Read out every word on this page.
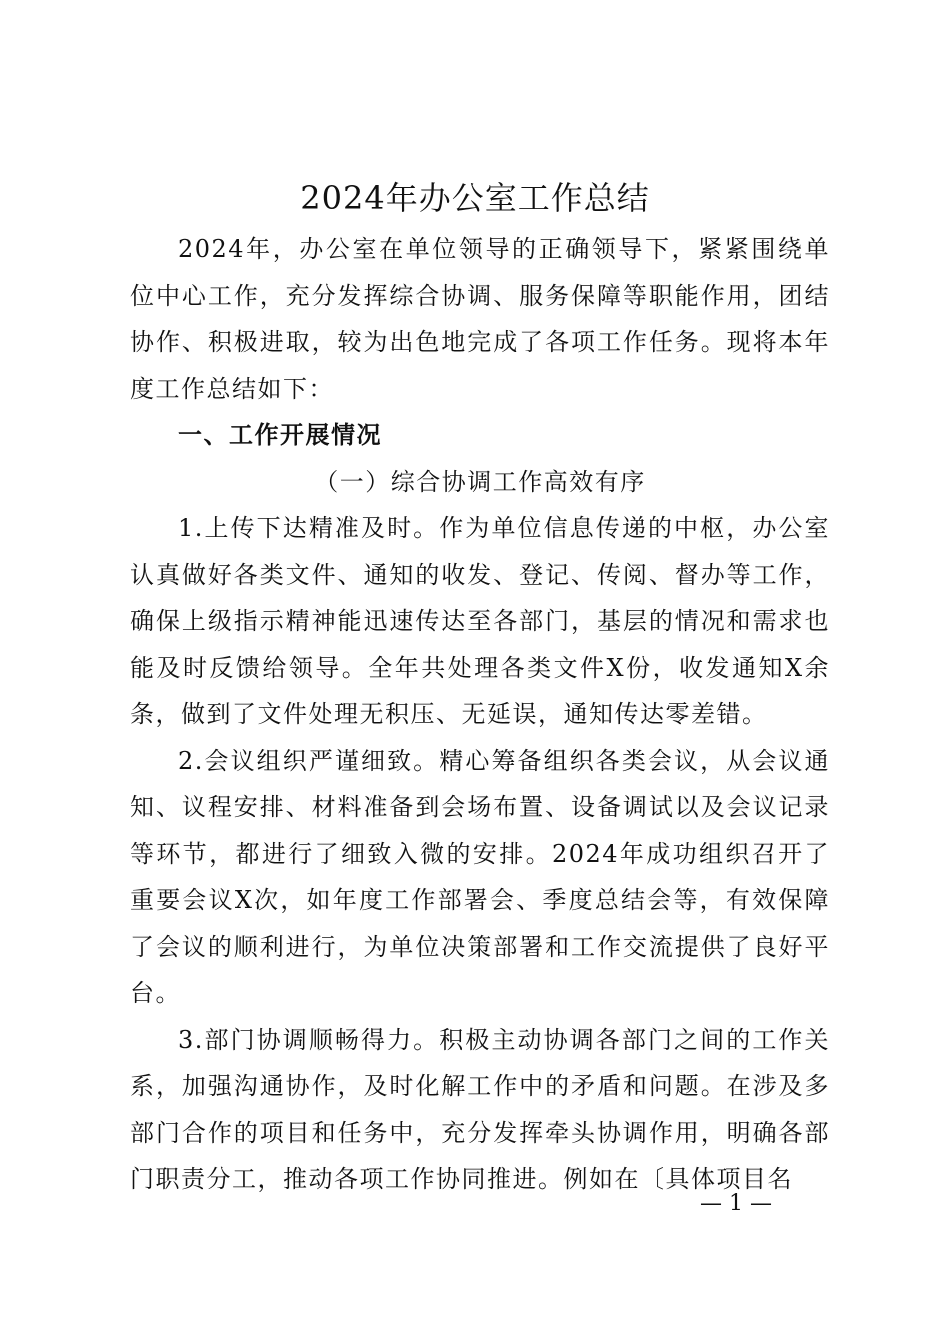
2024年办公室工作总结

2024年，办公室在单位领导的正确领导下，紧紧围绕单位中心工作，充分发挥综合协调、服务保障等职能作用，团结协作、积极进取，较为出色地完成了各项工作任务。现将本年度工作总结如下：

一、工作开展情况

（一）综合协调工作高效有序

1.上传下达精准及时。作为单位信息传递的中枢，办公室认真做好各类文件、通知的收发、登记、传阅、督办等工作，确保上级指示精神能迅速传达至各部门，基层的情况和需求也能及时反馈给领导。全年共处理各类文件X份，收发通知X余条，做到了文件处理无积压、无延误，通知传达零差错。

2.会议组织严谨细致。精心筹备组织各类会议，从会议通知、议程安排、材料准备到会场布置、设备调试以及会议记录等环节，都进行了细致入微的安排。2024年成功组织召开了重要会议X次，如年度工作部署会、季度总结会等，有效保障了会议的顺利进行，为单位决策部署和工作交流提供了良好平台。

3.部门协调顺畅得力。积极主动协调各部门之间的工作关系，加强沟通协作，及时化解工作中的矛盾和问题。在涉及多部门合作的项目和任务中，充分发挥牵头协调作用，明确各部门职责分工，推动各项工作协同推进。例如在〔具体项目名

— 1 —
